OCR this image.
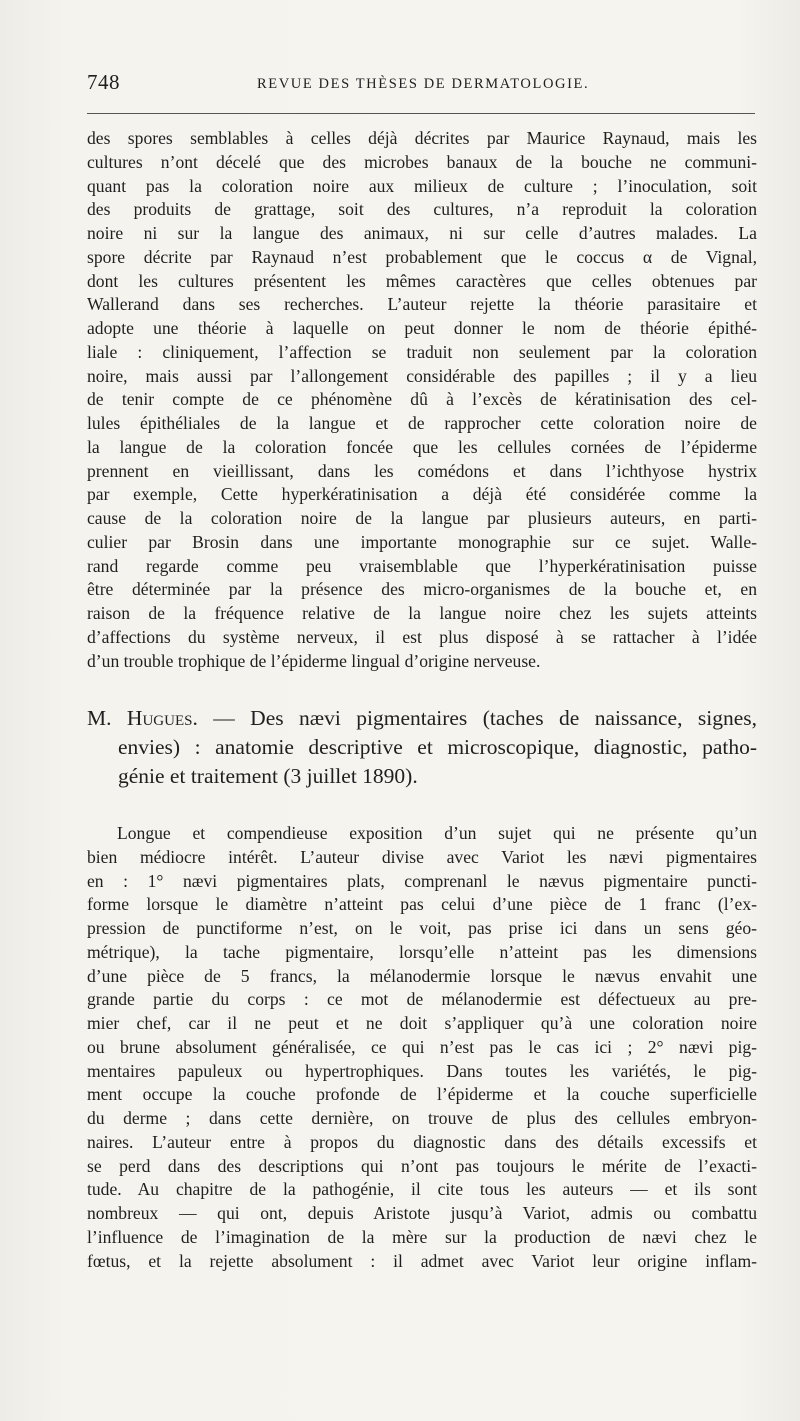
748	REVUE DES THÈSES DE DERMATOLOGIE.
des spores semblables à celles déjà décrites par Maurice Raynaud, mais les
cultures n’ont décelé que des microbes banaux de la bouche ne communi-
quant pas la coloration noire aux milieux de culture ; l’inoculation, soit
des produits de grattage, soit des cultures, n’a reproduit la coloration
noire ni sur la langue des animaux, ni sur celle d’autres malades. La
spore décrite par Raynaud n’est probablement que le coccus α de Vignal,
dont les cultures présentent les mêmes caractères que celles obtenues par
Wallerand dans ses recherches. L’auteur rejette la théorie parasitaire et
adopte une théorie à laquelle on peut donner le nom de théorie épithé-
liale : cliniquement, l’affection se traduit non seulement par la coloration
noire, mais aussi par l’allongement considérable des papilles ; il y a lieu
de tenir compte de ce phénomène dû à l’excès de kératinisation des cel-
lules épithéliales de la langue et de rapprocher cette coloration noire de
la langue de la coloration foncée que les cellules cornées de l’épiderme
prennent en vieillissant, dans les comédons et dans l’ichthyose hystrix
par exemple, Cette hyperkératinisation a déjà été considérée comme la
cause de la coloration noire de la langue par plusieurs auteurs, en parti-
culier par Brosin dans une importante monographie sur ce sujet. Walle-
rand regarde comme peu vraisemblable que l’hyperkératinisation puisse
être déterminée par la présence des micro-organismes de la bouche et, en
raison de la fréquence relative de la langue noire chez les sujets atteints
d’affections du système nerveux, il est plus disposé à se rattacher à l’idée
d’un trouble trophique de l’épiderme lingual d’origine nerveuse.
M. Hugues. — Des nævi pigmentaires (taches de naissance, signes,
envies) : anatomie descriptive et microscopique, diagnostic, patho-
génie et traitement (3 juillet 1890).
Longue et compendieuse exposition d’un sujet qui ne présente qu’un
bien médiocre intérêt. L’auteur divise avec Variot les nævi pigmentaires
en : 1° nævi pigmentaires plats, comprenanl le nævus pigmentaire puncti-
forme lorsque le diamètre n’atteint pas celui d’une pièce de 1 franc (l’ex-
pression de punctiforme n’est, on le voit, pas prise ici dans un sens géo-
métrique), la tache pigmentaire, lorsqu’elle n’atteint pas les dimensions
d’une pièce de 5 francs, la mélanodermie lorsque le nævus envahit une
grande partie du corps : ce mot de mélanodermie est défectueux au pre-
mier chef, car il ne peut et ne doit s’appliquer qu’à une coloration noire
ou brune absolument généralisée, ce qui n’est pas le cas ici ; 2° nævi pig-
mentaires papuleux ou hypertrophiques. Dans toutes les variétés, le pig-
ment occupe la couche profonde de l’épiderme et la couche superficielle
du derme ; dans cette dernière, on trouve de plus des cellules embryon-
naires. L’auteur entre à propos du diagnostic dans des détails excessifs et
se perd dans des descriptions qui n’ont pas toujours le mérite de l’exacti-
tude. Au chapitre de la pathogénie, il cite tous les auteurs — et ils sont
nombreux — qui ont, depuis Aristote jusqu’à Variot, admis ou combattu
l’influence de l’imagination de la mère sur la production de nævi chez le
fœtus, et la rejette absolument : il admet avec Variot leur origine inflam-
